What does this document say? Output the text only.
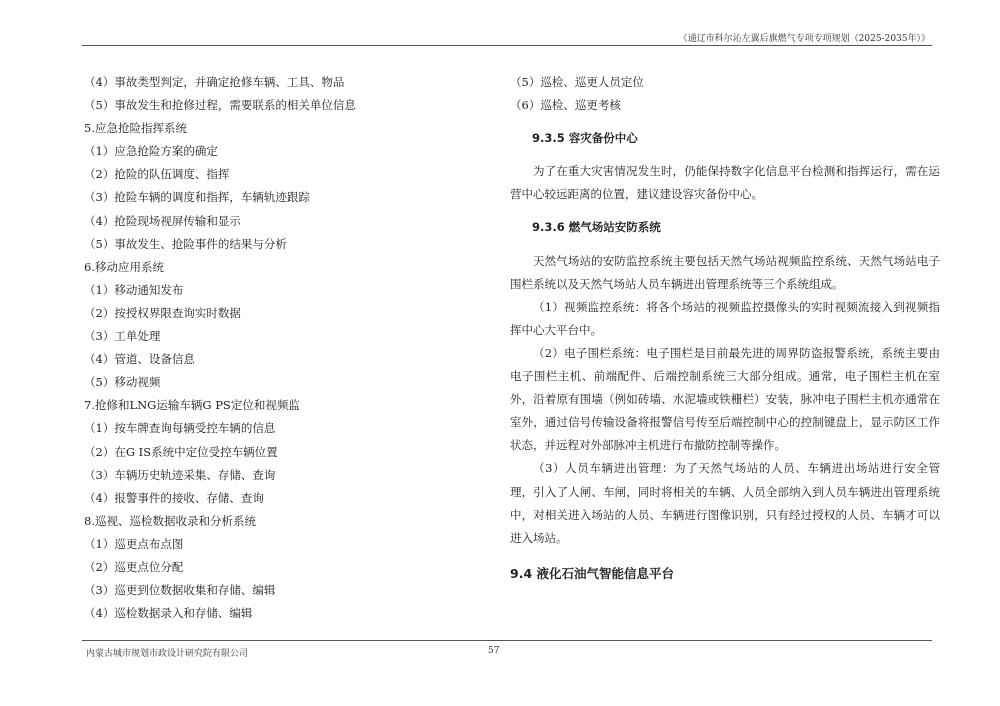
《通辽市科尔沁左翼后旗燃气专项专项规划（2025-2035年）》
（4）事故类型判定，并确定抢修车辆、工具、物品
（5）事故发生和抢修过程，需要联系的相关单位信息
5.应急抢险指挥系统
（1）应急抢险方案的确定
（2）抢险的队伍调度、指挥
（3）抢险车辆的调度和指挥，车辆轨迹跟踪
（4）抢险现场视屏传输和显示
（5）事故发生、抢险事件的结果与分析
6.移动应用系统
（1）移动通知发布
（2）按授权界限查询实时数据
（3）工单处理
（4）管道、设备信息
（5）移动视频
7.抢修和LNG运输车辆G PS定位和视频监
（1）按车牌查询每辆受控车辆的信息
（2）在G IS系统中定位受控车辆位置
（3）车辆历史轨迹采集、存储、查询
（4）报警事件的接收、存储、查询
8.巡视、巡检数据收录和分析系统
（1）巡更点布点图
（2）巡更点位分配
（3）巡更到位数据收集和存储、编辑
（4）巡检数据录入和存储、编辑
（5）巡检、巡更人员定位
（6）巡检、巡更考核
9.3.5 容灾备份中心

为了在重大灾害情况发生时，仍能保持数字化信息平台检测和指挥运行，需在运营中心较远距离的位置，建议建设容灾备份中心。

9.3.6 燃气场站安防系统

天然气场站的安防监控系统主要包括天然气场站视频监控系统、天然气场站电子围栏系统以及天然气场站人员车辆进出管理系统等三个系统组成。

（1）视频监控系统：将各个场站的视频监控摄像头的实时视频流接入到视频指挥中心大平台中。

（2）电子围栏系统：电子围栏是目前最先进的周界防盗报警系统，系统主要由电子围栏主机、前端配件、后端控制系统三大部分组成。通常，电子围栏主机在室外，沿着原有围墙（例如砖墙、水泥墙或铁栅栏）安装，脉冲电子围栏主机亦通常在室外，通过信号传输设备将报警信号传至后端控制中心的控制键盘上，显示防区工作状态，并远程对外部脉冲主机进行布撤防控制等操作。

（3）人员车辆进出管理：为了天然气场站的人员、车辆进出场站进行安全管理，引入了人闸、车闸，同时将相关的车辆、人员全部纳入到人员车辆进出管理系统中，对相关进入场站的人员、车辆进行图像识别，只有经过授权的人员、车辆才可以进入场站。

9.4 液化石油气智能信息平台
内蒙古城市规划市政设计研究院有限公司	57
